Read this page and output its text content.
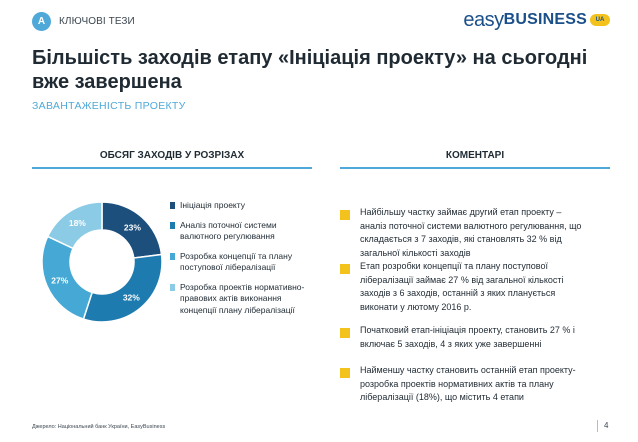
A	КЛЮЧОВІ ТЕЗИ	easy BUSINESS	UA
Більшість заходів етапу «Ініціація проекту» на сьогодні вже завершена
ЗАВАНТАЖЕНІСТЬ ПРОЕКТУ
ОБСЯГ ЗАХОДІВ У РОЗРІЗАХ	КОМЕНТАРІ
23%
32%
27%
18%
Ініціація проекту
Аналіз поточної системи валютного регулювання
Розробка концепції та плану поступової лібералізації
Розробка проектів нормативно-правових актів виконання концепції плану лібералізації
Найбільшу частку займає другий етап проекту – аналіз поточної системи валютного регулювання, що складається з 7 заходів, які становлять 32 % від загальної кількості заходів
Етап розробки концепції та плану поступової лібералізації займає 27 % від загальної кількості заходів з 6 заходів, останній з яких планується виконати у лютому 2016 р.
Початковий етап-ініціація проекту, становить 27 % і включає 5 заходів, 4 з яких уже завершенні
Найменшу частку становить останній етап проекту-розробка проектів нормативних актів та плану лібералізації (18%), що містить 4 етапи
Джерело: Національний банк України, EasyBusiness	4
